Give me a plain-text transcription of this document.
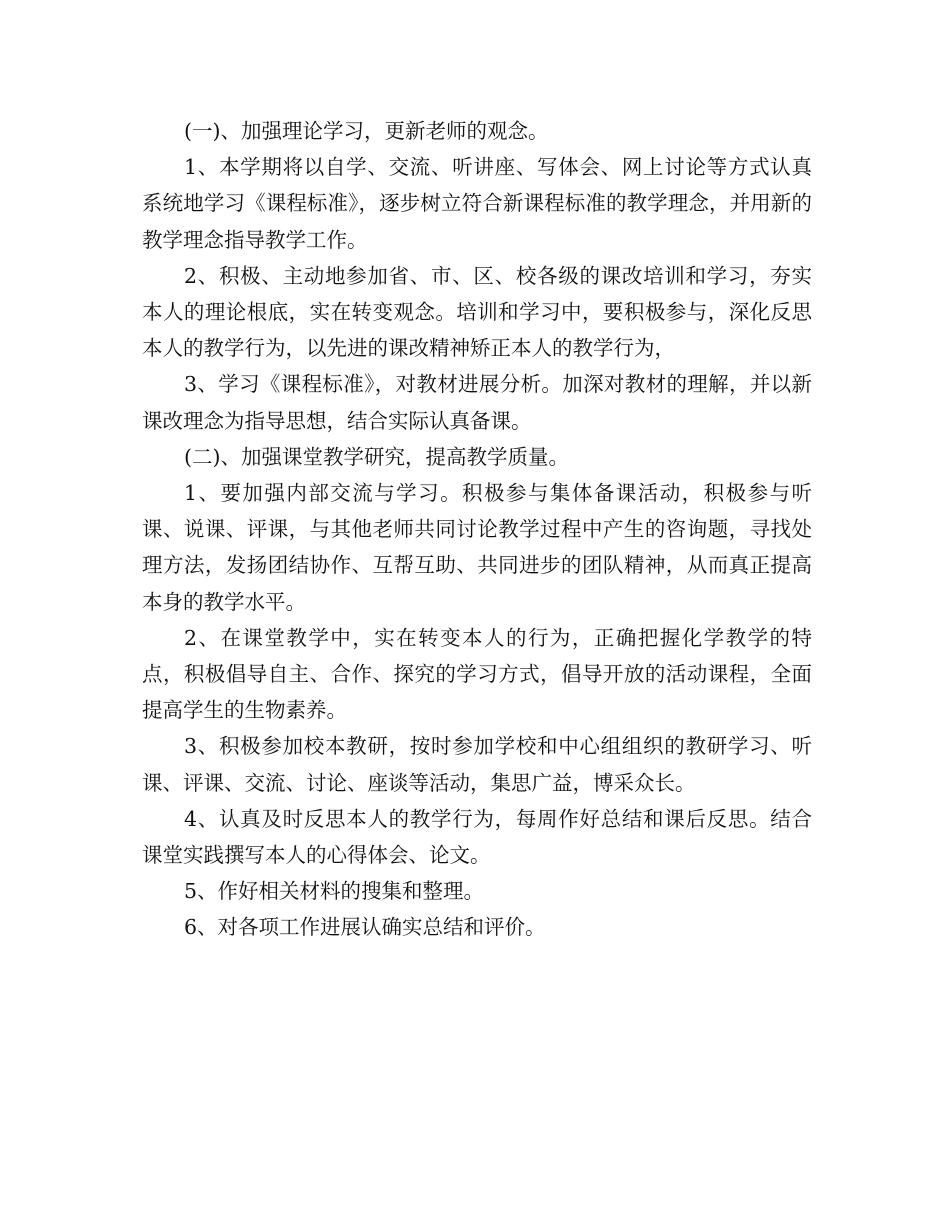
(一)、加强理论学习，更新老师的观念。

1、本学期将以自学、交流、听讲座、写体会、网上讨论等方式认真系统地学习《课程标准》，逐步树立符合新课程标准的教学理念，并用新的教学理念指导教学工作。

2、积极、主动地参加省、市、区、校各级的课改培训和学习，夯实本人的理论根底，实在转变观念。培训和学习中，要积极参与，深化反思本人的教学行为，以先进的课改精神矫正本人的教学行为，

3、学习《课程标准》，对教材进展分析。加深对教材的理解，并以新课改理念为指导思想，结合实际认真备课。

(二)、加强课堂教学研究，提高教学质量。

1、要加强内部交流与学习。积极参与集体备课活动，积极参与听课、说课、评课，与其他老师共同讨论教学过程中产生的咨询题，寻找处理方法，发扬团结协作、互帮互助、共同进步的团队精神，从而真正提高本身的教学水平。

2、在课堂教学中，实在转变本人的行为，正确把握化学教学的特点，积极倡导自主、合作、探究的学习方式，倡导开放的活动课程，全面提高学生的生物素养。

3、积极参加校本教研，按时参加学校和中心组组织的教研学习、听课、评课、交流、讨论、座谈等活动，集思广益，博采众长。

4、认真及时反思本人的教学行为，每周作好总结和课后反思。结合课堂实践撰写本人的心得体会、论文。

5、作好相关材料的搜集和整理。

6、对各项工作进展认确实总结和评价。
